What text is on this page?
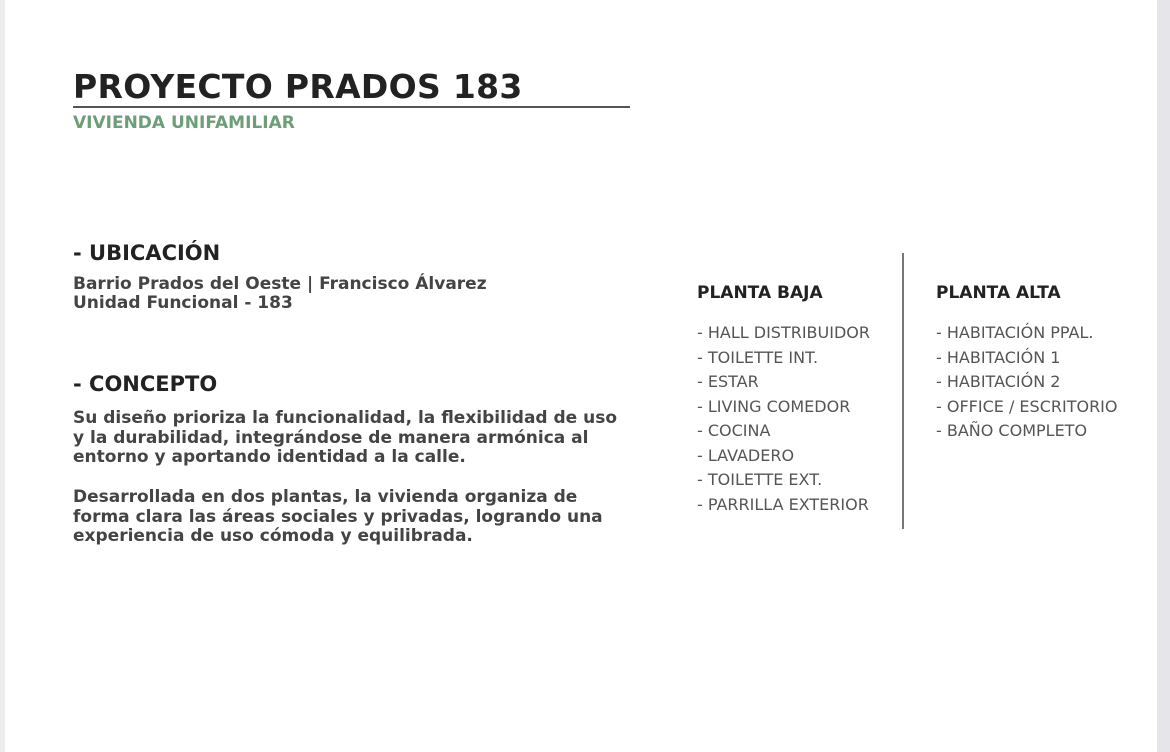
PROYECTO PRADOS 183
VIVIENDA UNIFAMILIAR
- UBICACIÓN
Barrio Prados del Oeste | Francisco Álvarez
Unidad Funcional - 183
- CONCEPTO
Su diseño prioriza la funcionalidad, la flexibilidad de uso
y la durabilidad, integrándose de manera armónica al
entorno y aportando identidad a la calle.
Desarrollada en dos plantas, la vivienda organiza de
forma clara las áreas sociales y privadas, logrando una
experiencia de uso cómoda y equilibrada.
PLANTA BAJA
- HALL DISTRIBUIDOR
- TOILETTE INT.
- ESTAR
- LIVING COMEDOR
- COCINA
- LAVADERO
- TOILETTE EXT.
- PARRILLA EXTERIOR
PLANTA ALTA
- HABITACIÓN PPAL.
- HABITACIÓN 1
- HABITACIÓN 2
- OFFICE / ESCRITORIO
- BAÑO COMPLETO
